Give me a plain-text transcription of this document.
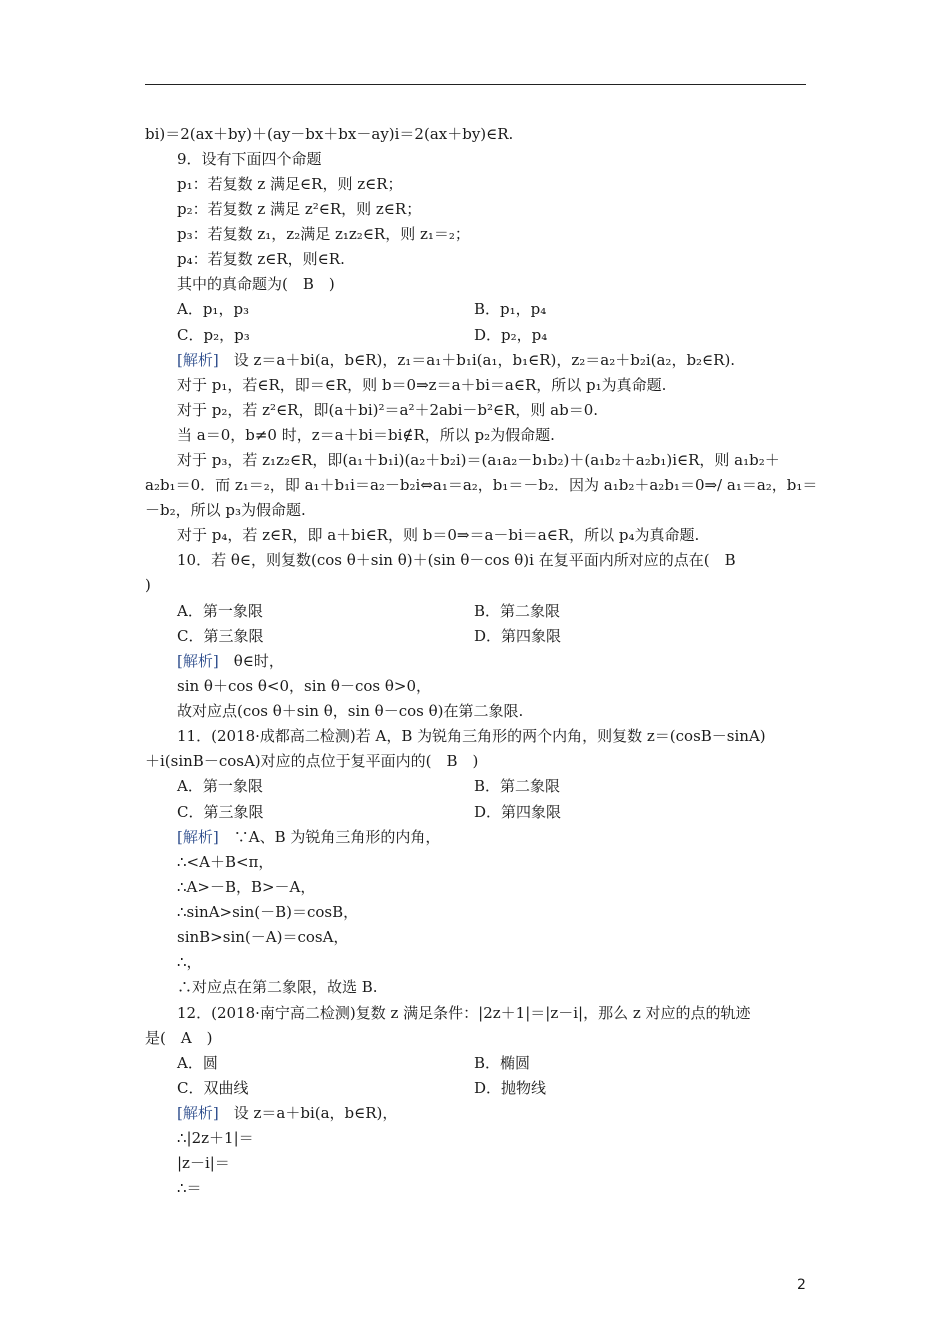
bi)＝2(ax＋by)＋(ay－bx＋bx－ay)i＝2(ax＋by)∈R.
9．设有下面四个命题
p₁：若复数 z 满足∈R，则 z∈R；
p₂：若复数 z 满足 z²∈R，则 z∈R；
p₃：若复数 z₁，z₂满足 z₁z₂∈R，则 z₁＝₂；
p₄：若复数 z∈R，则∈R.
其中的真命题为(　B　)
A．p₁，p₃	B．p₁，p₄
C．p₂，p₃	D．p₂，p₄
[解析]　 设 z＝a＋bi(a，b∈R)，z₁＝a₁＋b₁i(a₁，b₁∈R)，z₂＝a₂＋b₂i(a₂，b₂∈R).
对于 p₁，若∈R，即＝∈R，则 b＝0⇒z＝a＋bi＝a∈R，所以 p₁为真命题.
对于 p₂，若 z²∈R，即(a＋bi)²＝a²＋2abi－b²∈R，则 ab＝0.
当 a＝0，b≠0 时，z＝a＋bi＝bi∉R，所以 p₂为假命题.
对于 p₃，若 z₁z₂∈R，即(a₁＋b₁i)(a₂＋b₂i)＝(a₁a₂－b₁b₂)＋(a₁b₂＋a₂b₁)i∈R，则 a₁b₂＋
a₂b₁＝0．而 z₁＝₂，即 a₁＋b₁i＝a₂－b₂i⇔a₁＝a₂，b₁＝－b₂．因为 a₁b₂＋a₂b₁＝0⇒/ a₁＝a₂，b₁＝
－b₂，所以 p₃为假命题.
对于 p₄，若 z∈R，即 a＋bi∈R，则 b＝0⇒＝a－bi＝a∈R，所以 p₄为真命题.
10．若 θ∈，则复数(cos θ＋sin θ)＋(sin θ－cos θ)i 在复平面内所对应的点在(　B
)
A．第一象限	B．第二象限
C．第三象限	D．第四象限
[解析]　 θ∈时，
sin θ＋cos θ<0，sin θ－cos θ>0，
故对应点(cos θ＋sin θ，sin θ－cos θ)在第二象限.
11．(2018·成都高二检测)若 A，B 为锐角三角形的两个内角，则复数 z＝(cosB－sinA)
＋i(sinB－cosA)对应的点位于复平面内的(　B　)
A．第一象限	B．第二象限
C．第三象限	D．第四象限
[解析]　 ∵A、B 为锐角三角形的内角，
∴<A＋B<π，
∴A>－B，B>－A，
∴sinA>sin(－B)＝cosB，
sinB>sin(－A)＝cosA，
∴，
∴对应点在第二象限，故选 B.
12．(2018·南宁高二检测)复数 z 满足条件：|2z＋1|＝|z－i|，那么 z 对应的点的轨迹
是(　A　)
A．圆	B．椭圆
C．双曲线	D．抛物线
[解析]　 设 z＝a＋bi(a，b∈R)，
∴|2z＋1|＝
|z－i|＝
∴＝
2
